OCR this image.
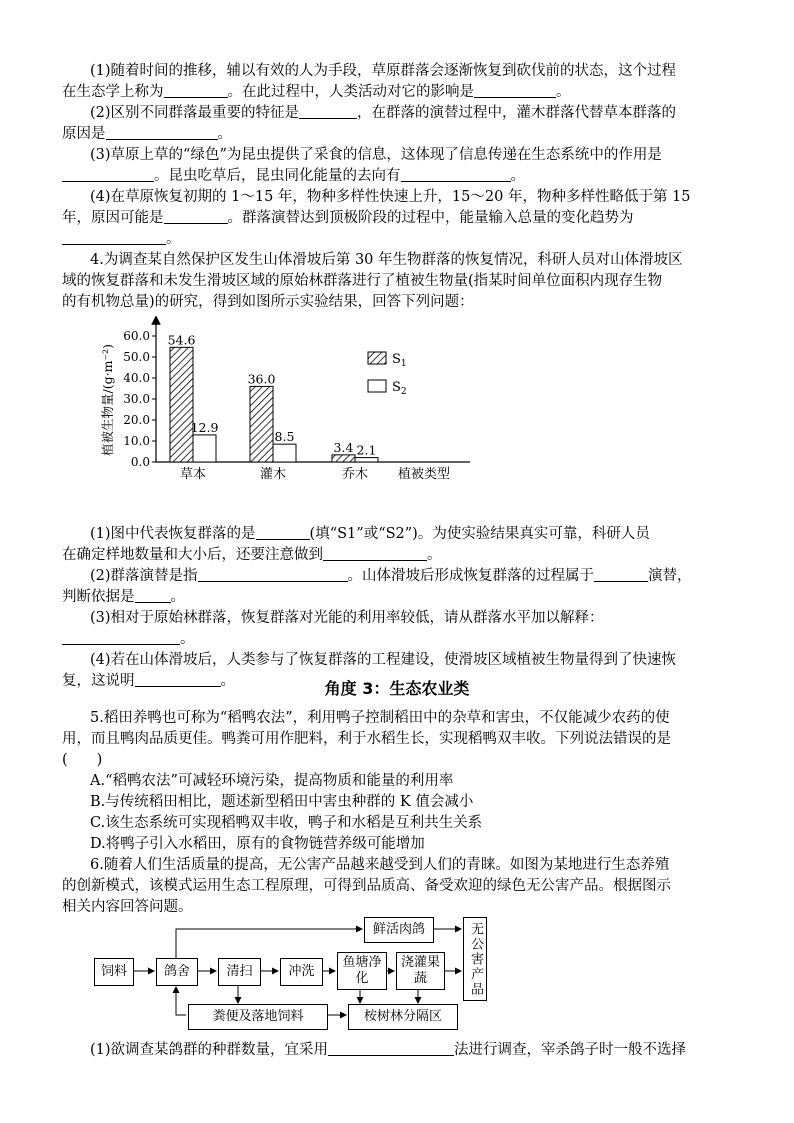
(1)随着时间的推移，辅以有效的人为手段，草原群落会逐渐恢复到砍伐前的状态，这个过程
在生态学上称为	。在此过程中，人类活动对它的影响是	。
(2)区别不同群落最重要的特征是	，在群落的演替过程中，灌木群落代替草本群落的
原因是	。
(3)草原上草的“绿色”为昆虫提供了采食的信息，这体现了信息传递在生态系统中的作用是
。昆虫吃草后，昆虫同化能量的去向有	。
(4)在草原恢复初期的 1～15 年，物种多样性快速上升，15～20 年，物种多样性略低于第 15
年，原因可能是	。群落演替达到顶极阶段的过程中，能量输入总量的变化趋势为
。
4.为调查某自然保护区发生山体滑坡后第 30 年生物群落的恢复情况，科研人员对山体滑坡区
域的恢复群落和未发生滑坡区域的原始林群落进行了植被生物量(指某时间单位面积内现存生物
的有机物总量)的研究，得到如图所示实验结果，回答下列问题：
0.0
10.0
20.0
30.0
40.0
50.0
60.0
植被生物量/(g·m⁻²)
54.6
12.9
草本
36.0
8.5
灌木
3.4 2.1
乔木 植被类型
$S_1$
$S_2$
(1)图中代表恢复群落的是	(填“S1”或“S2”)。为使实验结果真实可靠，科研人员
在确定样地数量和大小后，还要注意做到	。
(2)群落演替是指	。山体滑坡后形成恢复群落的过程属于	演替，
判断依据是 。
(3)相对于原始林群落，恢复群落对光能的利用率较低，请从群落水平加以解释：
。
(4)若在山体滑坡后，人类参与了恢复群落的工程建设，使滑坡区域植被生物量得到了快速恢
复，这说明	。	角度 3：生态农业类
5.稻田养鸭也可称为“稻鸭农法”，利用鸭子控制稻田中的杂草和害虫，不仅能减少农药的使
用，而且鸭肉品质更佳。鸭粪可用作肥料，利于水稻生长，实现稻鸭双丰收。下列说法错误的是
(　　)
A.“稻鸭农法”可减轻环境污染，提高物质和能量的利用率
B.与传统稻田相比，题述新型稻田中害虫种群的 K 值会减小
C.该生态系统可实现稻鸭双丰收，鸭子和水稻是互利共生关系
D.将鸭子引入水稻田，原有的食物链营养级可能增加
6.随着人们生活质量的提高，无公害产品越来越受到人们的青睐。如图为某地进行生态养殖
的创新模式，该模式运用生态工程原理，可得到品质高、备受欢迎的绿色无公害产品。根据图示
相关内容回答问题。
饲料	鸽舍	清扫	冲洗
鱼塘净化
浇灌果蔬
鲜活肉鸽	无公害产品
粪便及落地饲料	桉树林分隔区
(1)欲调查某鸽群的种群数量，宜采用	法进行调查，宰杀鸽子时一般不选择
